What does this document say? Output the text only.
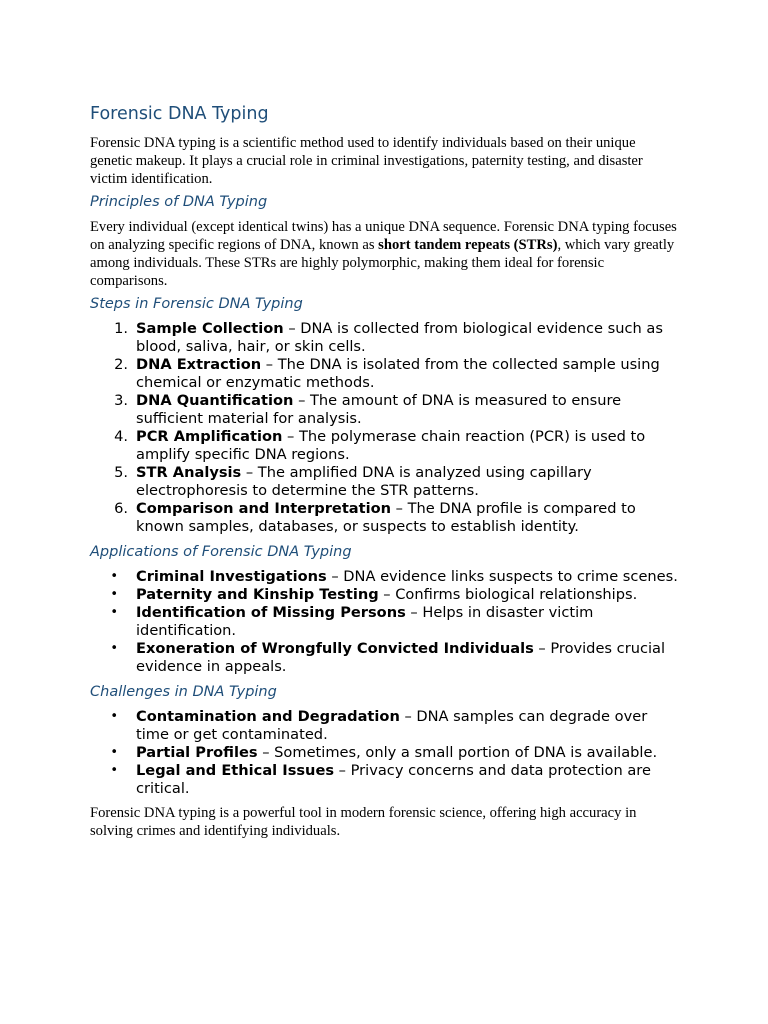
Forensic DNA Typing

Forensic DNA typing is a scientific method used to identify individuals based on their unique genetic makeup. It plays a crucial role in criminal investigations, paternity testing, and disaster victim identification.

Principles of DNA Typing

Every individual (except identical twins) has a unique DNA sequence. Forensic DNA typing focuses on analyzing specific regions of DNA, known as short tandem repeats (STRs), which vary greatly among individuals. These STRs are highly polymorphic, making them ideal for forensic comparisons.

Steps in Forensic DNA Typing
1. Sample Collection – DNA is collected from biological evidence such as blood, saliva, hair, or skin cells.
2. DNA Extraction – The DNA is isolated from the collected sample using chemical or enzymatic methods.
3. DNA Quantification – The amount of DNA is measured to ensure sufficient material for analysis.
4. PCR Amplification – The polymerase chain reaction (PCR) is used to amplify specific DNA regions.
5. STR Analysis – The amplified DNA is analyzed using capillary electrophoresis to determine the STR patterns.
6. Comparison and Interpretation – The DNA profile is compared to known samples, databases, or suspects to establish identity.
Applications of Forensic DNA Typing
• Criminal Investigations – DNA evidence links suspects to crime scenes.
• Paternity and Kinship Testing – Confirms biological relationships.
• Identification of Missing Persons – Helps in disaster victim identification.
• Exoneration of Wrongfully Convicted Individuals – Provides crucial evidence in appeals.
Challenges in DNA Typing
• Contamination and Degradation – DNA samples can degrade over time or get contaminated.
• Partial Profiles – Sometimes, only a small portion of DNA is available.
• Legal and Ethical Issues – Privacy concerns and data protection are critical.

Forensic DNA typing is a powerful tool in modern forensic science, offering high accuracy in solving crimes and identifying individuals.
